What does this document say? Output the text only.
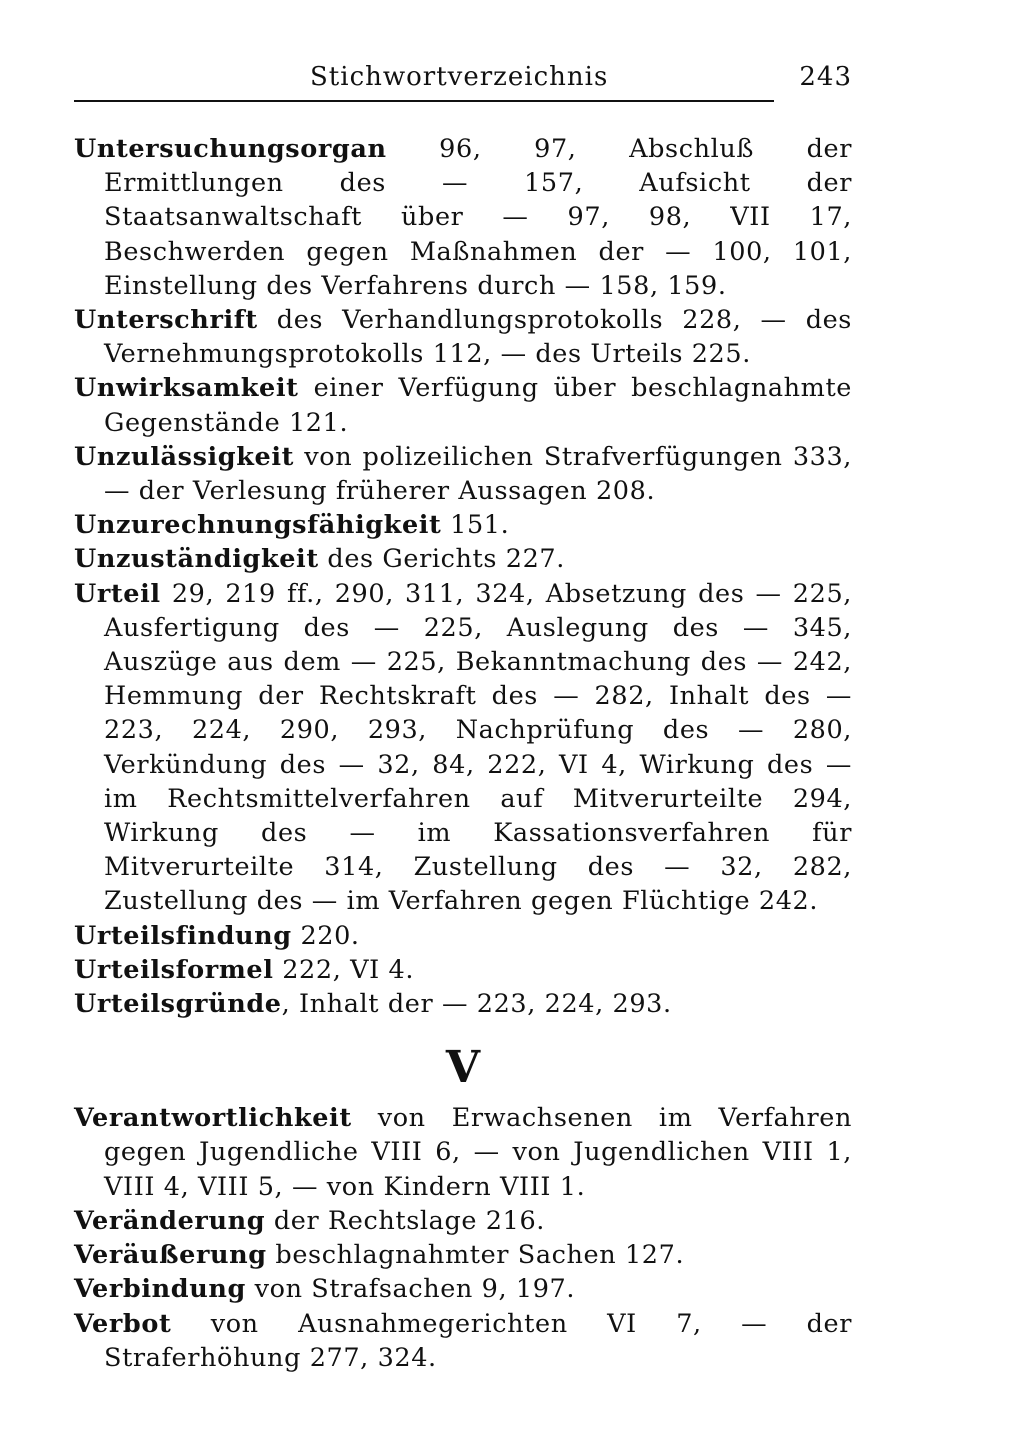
Stichwortverzeichnis	243
Untersuchungsorgan 96, 97, Abschluß der Ermittlungen des — 157, Aufsicht der Staatsanwaltschaft über — 97, 98, VII 17, Beschwerden gegen Maßnahmen der — 100, 101, Einstellung des Verfahrens durch — 158, 159.
Unterschrift des Verhandlungsprotokolls 228, — des Vernehmungsprotokolls 112, — des Urteils 225.
Unwirksamkeit einer Verfügung über beschlagnahmte Gegenstände 121.
Unzulässigkeit von polizeilichen Strafverfügungen 333, — der Verlesung früherer Aussagen 208.
Unzurechnungsfähigkeit 151.
Unzuständigkeit des Gerichts 227.
Urteil 29, 219 ff., 290, 311, 324, Absetzung des — 225, Ausfertigung des — 225, Auslegung des — 345, Auszüge aus dem — 225, Bekanntmachung des — 242, Hemmung der Rechtskraft des — 282, Inhalt des — 223, 224, 290, 293, Nachprüfung des — 280, Verkündung des — 32, 84, 222, VI 4, Wirkung des — im Rechtsmittelverfahren auf Mitverurteilte 294, Wirkung des — im Kassationsverfahren für Mitverurteilte 314, Zustellung des — 32, 282, Zustellung des — im Verfahren gegen Flüchtige 242.
Urteilsfindung 220.
Urteilsformel 222, VI 4.
Urteilsgründe, Inhalt der — 223, 224, 293.
V
Verantwortlichkeit von Erwachsenen im Verfahren gegen Jugendliche VIII 6, — von Jugendlichen VIII 1, VIII 4, VIII 5, — von Kindern VIII 1.
Veränderung der Rechtslage 216.
Veräußerung beschlagnahmter Sachen 127.
Verbindung von Strafsachen 9, 197.
Verbot von Ausnahmegerichten VI 7, — der Straferhöhung 277, 324.
